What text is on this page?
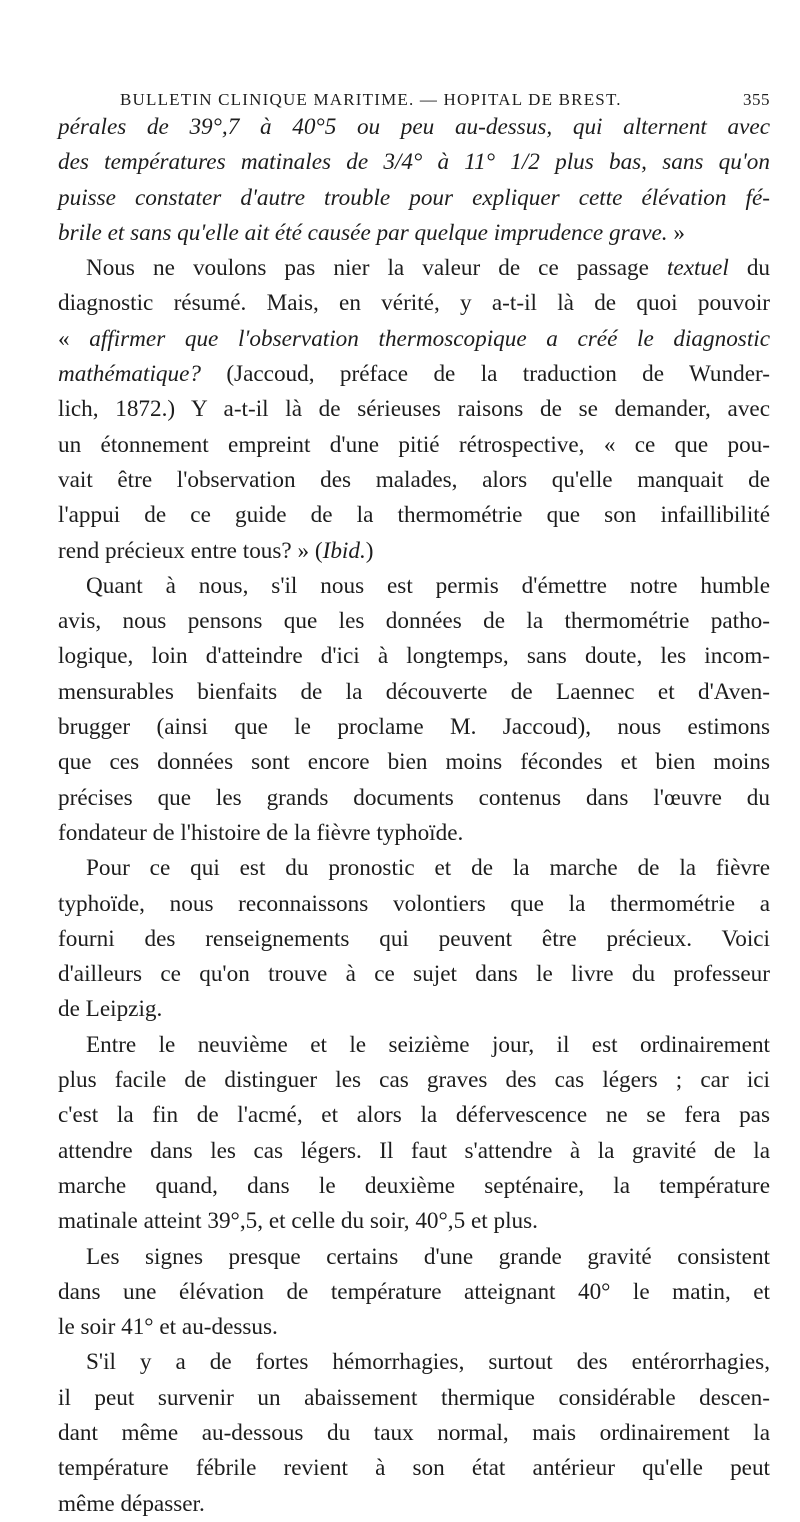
BULLETIN CLINIQUE MARITIME. — HOPITAL DE BREST.	355
pérales de 39°,7 à 40°5 ou peu au-dessus, qui alternent avec
des températures matinales de 3/4° à 11° 1/2 plus bas, sans qu'on
puisse constater d'autre trouble pour expliquer cette élévation fé-
brile et sans qu'elle ait été causée par quelque imprudence grave. »
Nous ne voulons pas nier la valeur de ce passage textuel du
diagnostic résumé. Mais, en vérité, y a-t-il là de quoi pouvoir
« affirmer que l'observation thermoscopique a créé le diagnostic
mathématique? (Jaccoud, préface de la traduction de Wunder-
lich, 1872.) Y a-t-il là de sérieuses raisons de se demander, avec
un étonnement empreint d'une pitié rétrospective, « ce que pou-
vait être l'observation des malades, alors qu'elle manquait de
l'appui de ce guide de la thermométrie que son infaillibilité
rend précieux entre tous? » (Ibid.)
Quant à nous, s'il nous est permis d'émettre notre humble
avis, nous pensons que les données de la thermométrie patho-
logique, loin d'atteindre d'ici à longtemps, sans doute, les incom-
mensurables bienfaits de la découverte de Laennec et d'Aven-
brugger (ainsi que le proclame M. Jaccoud), nous estimons
que ces données sont encore bien moins fécondes et bien moins
précises que les grands documents contenus dans l'œuvre du
fondateur de l'histoire de la fièvre typhoïde.
Pour ce qui est du pronostic et de la marche de la fièvre
typhoïde, nous reconnaissons volontiers que la thermométrie a
fourni des renseignements qui peuvent être précieux. Voici
d'ailleurs ce qu'on trouve à ce sujet dans le livre du professeur
de Leipzig.
Entre le neuvième et le seizième jour, il est ordinairement
plus facile de distinguer les cas graves des cas légers ; car ici
c'est la fin de l'acmé, et alors la défervescence ne se fera pas
attendre dans les cas légers. Il faut s'attendre à la gravité de la
marche quand, dans le deuxième septénaire, la température
matinale atteint 39°,5, et celle du soir, 40°,5 et plus.
Les signes presque certains d'une grande gravité consistent
dans une élévation de température atteignant 40° le matin, et
le soir 41° et au-dessus.
S'il y a de fortes hémorrhagies, surtout des entérorrhagies,
il peut survenir un abaissement thermique considérable descen-
dant même au-dessous du taux normal, mais ordinairement la
température fébrile revient à son état antérieur qu'elle peut
même dépasser.
